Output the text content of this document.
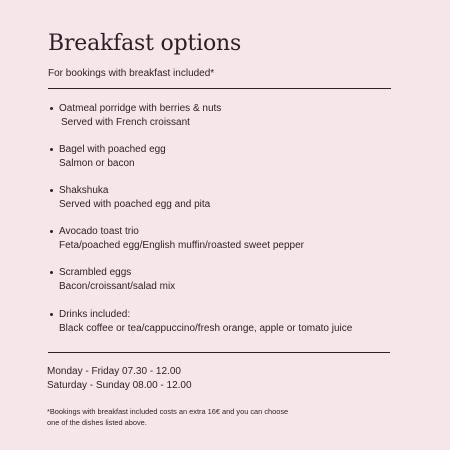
Breakfast options
For bookings with breakfast included*
Oatmeal porridge with berries & nuts
Served with French croissant
Bagel with poached egg
Salmon or bacon
Shakshuka
Served with poached egg and pita
Avocado toast trio
Feta/poached egg/English muffin/roasted sweet pepper
Scrambled eggs
Bacon/croissant/salad mix
Drinks included:
Black coffee or tea/cappuccino/fresh orange, apple or tomato juice
Monday - Friday 07.30 - 12.00
Saturday - Sunday 08.00 - 12.00
*Bookings with breakfast included costs an extra 16€ and you can choose
one of the dishes listed above.
